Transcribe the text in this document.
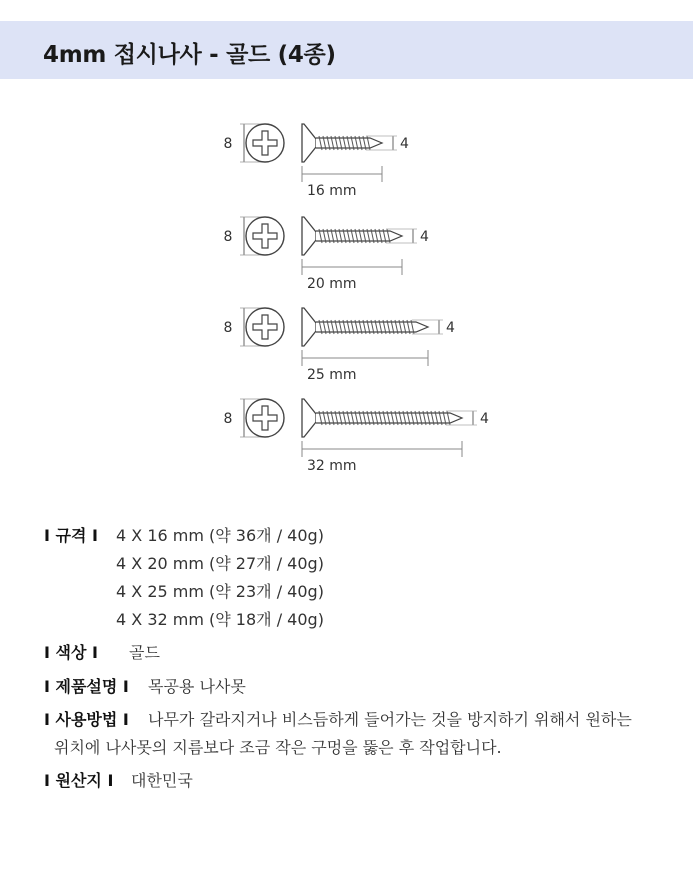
4mm 접시나사 - 골드 (4종)
8	4
16 mm
8	4
20 mm
8	4
25 mm
8	4
32 mm
I 규격 I 4 X 16 mm (약 36개 / 40g)
4 X 20 mm (약 27개 / 40g)
4 X 25 mm (약 23개 / 40g)
4 X 32 mm (약 18개 / 40g)
I 색상 I 골드
I 제품설명 I 목공용 나사못
I 사용방법 I 나무가 갈라지거나 비스듬하게 들어가는 것을 방지하기 위해서 원하는
위치에 나사못의 지름보다 조금 작은 구멍을 뚫은 후 작업합니다.
I 원산지 I 대한민국
